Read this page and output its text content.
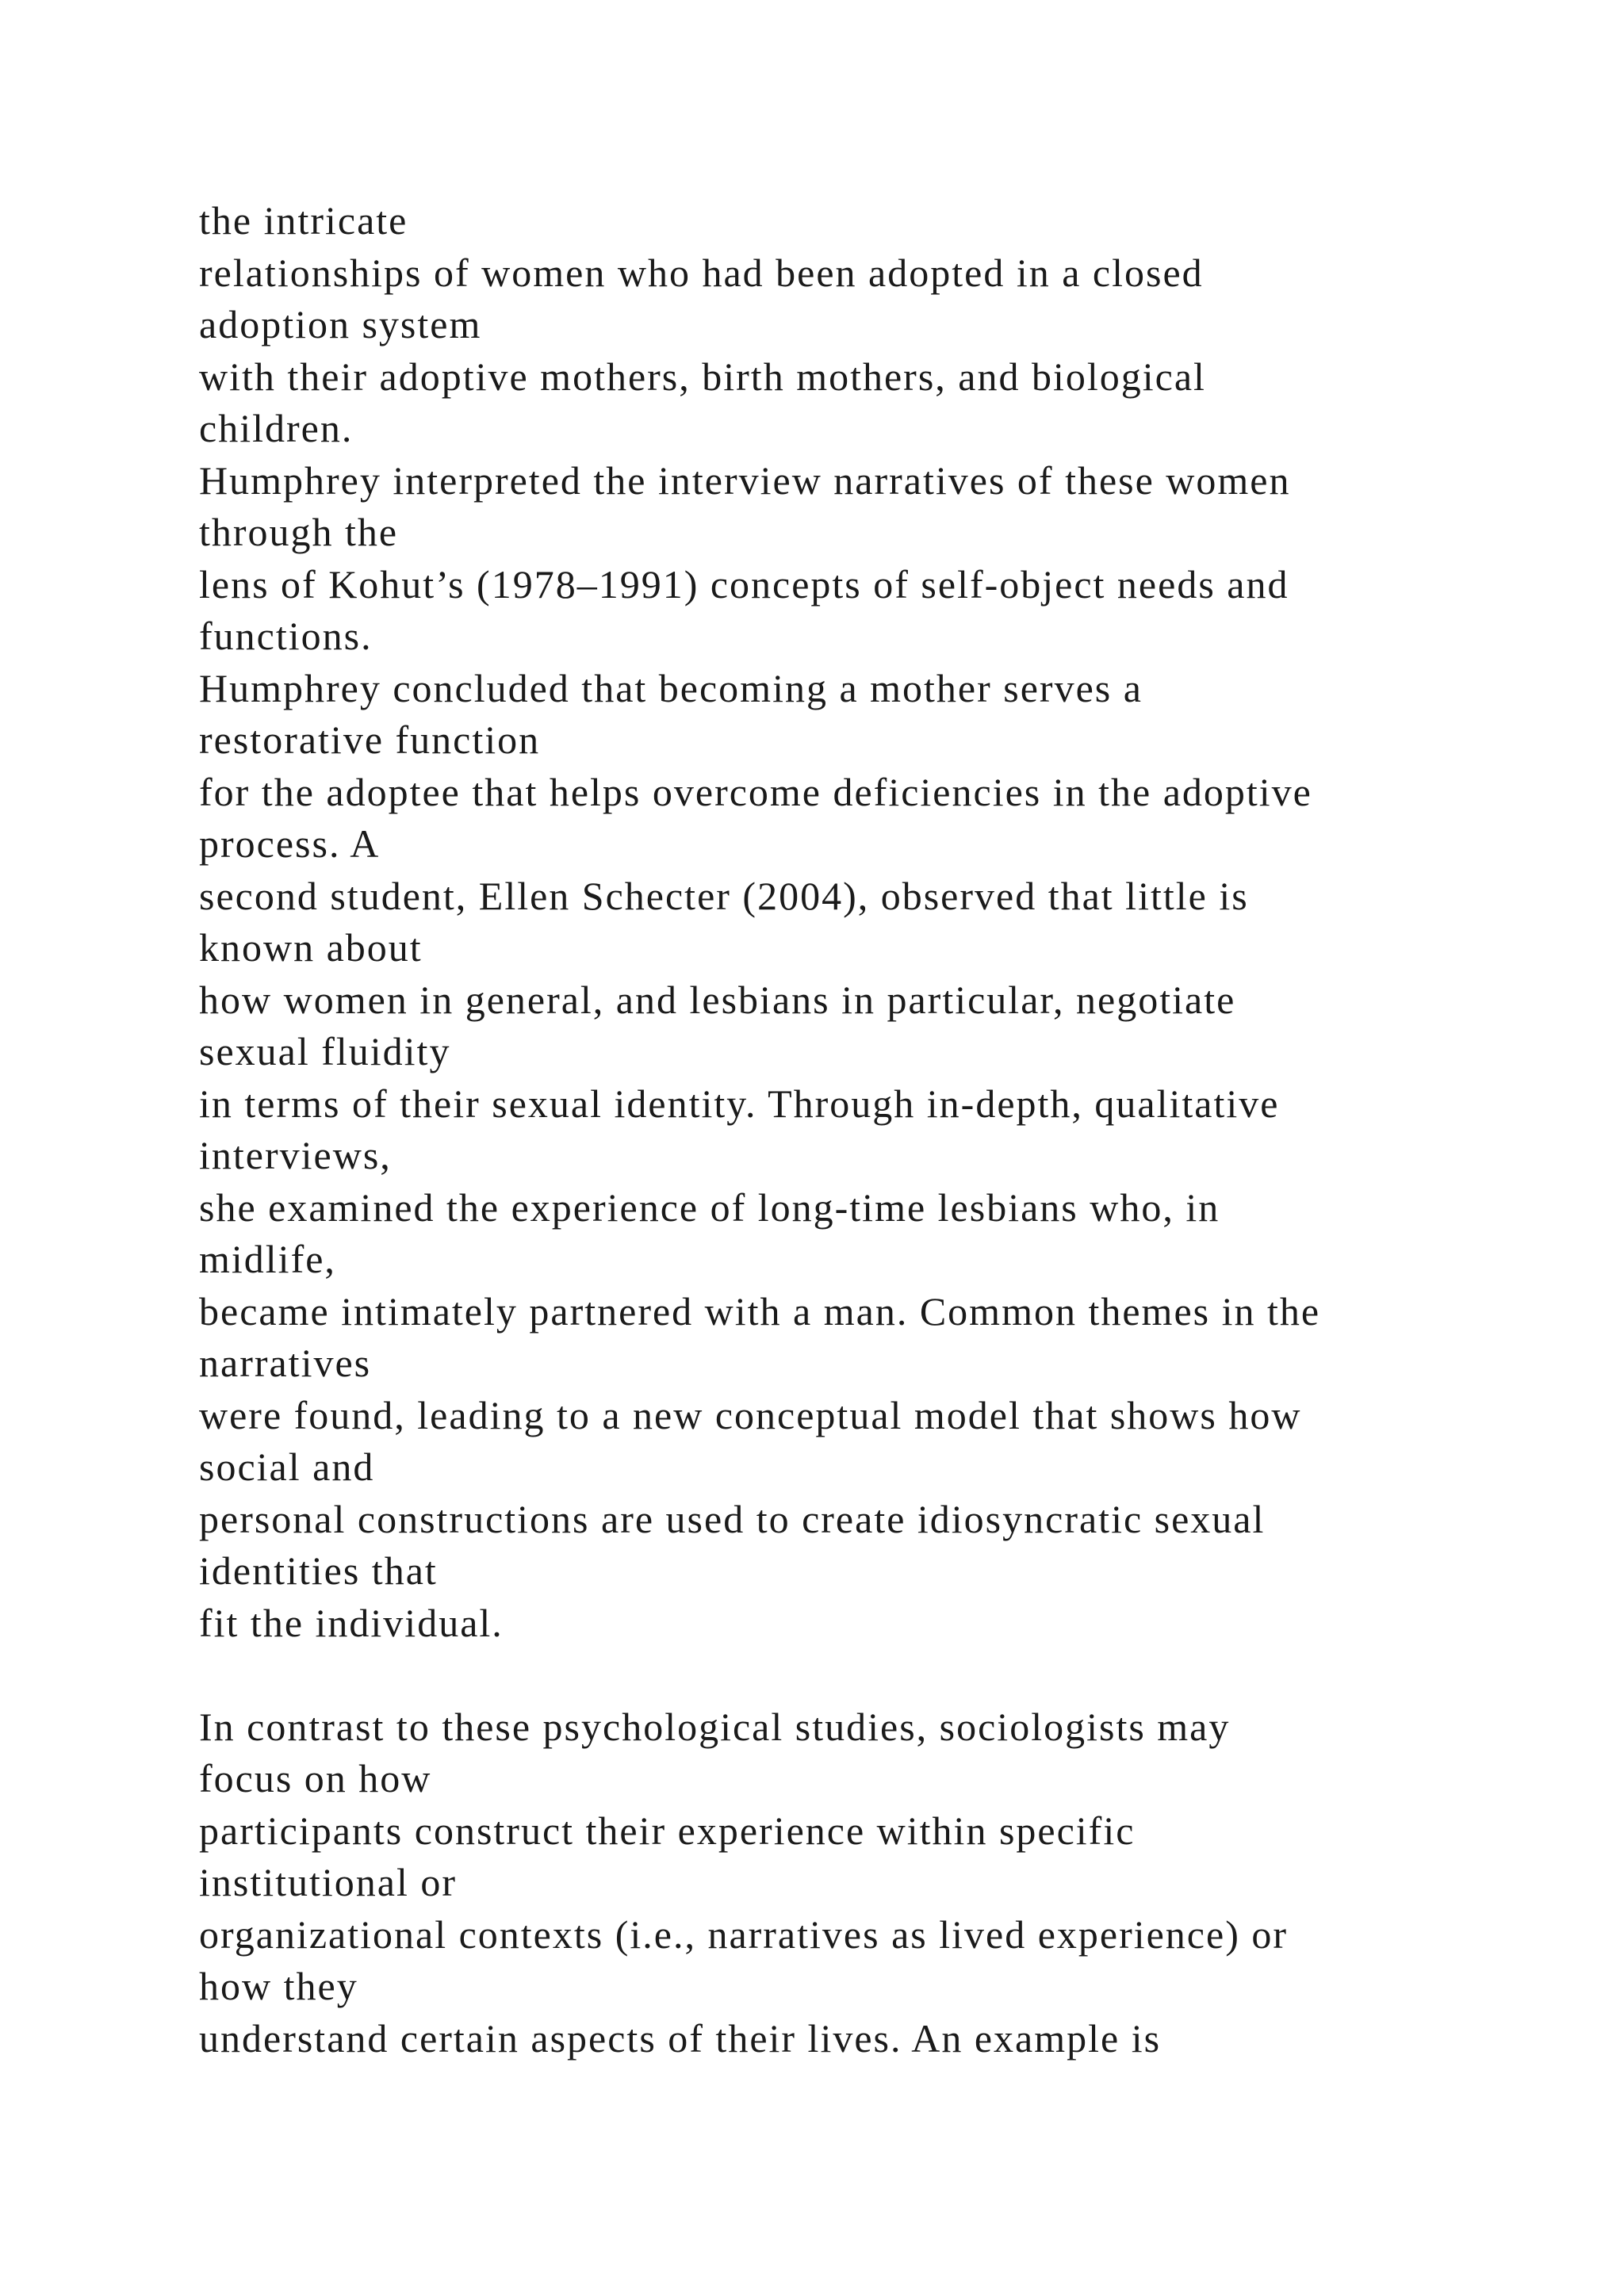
the intricate
relationships of women who had been adopted in a closed
adoption system
with their adoptive mothers, birth mothers, and biological
children.
Humphrey interpreted the interview narratives of these women
through the
lens of Kohut’s (1978–1991) concepts of self-object needs and
functions.
Humphrey concluded that becoming a mother serves a
restorative function
for the adoptee that helps overcome deficiencies in the adoptive
process. A
second student, Ellen Schecter (2004), observed that little is
known about
how women in general, and lesbians in particular, negotiate
sexual fluidity
in terms of their sexual identity. Through in-depth, qualitative
interviews,
she examined the experience of long-time lesbians who, in
midlife,
became intimately partnered with a man. Common themes in the
narratives
were found, leading to a new conceptual model that shows how
social and
personal constructions are used to create idiosyncratic sexual
identities that
fit the individual.
In contrast to these psychological studies, sociologists may
focus on how
participants construct their experience within specific
institutional or
organizational contexts (i.e., narratives as lived experience) or
how they
understand certain aspects of their lives. An example is
